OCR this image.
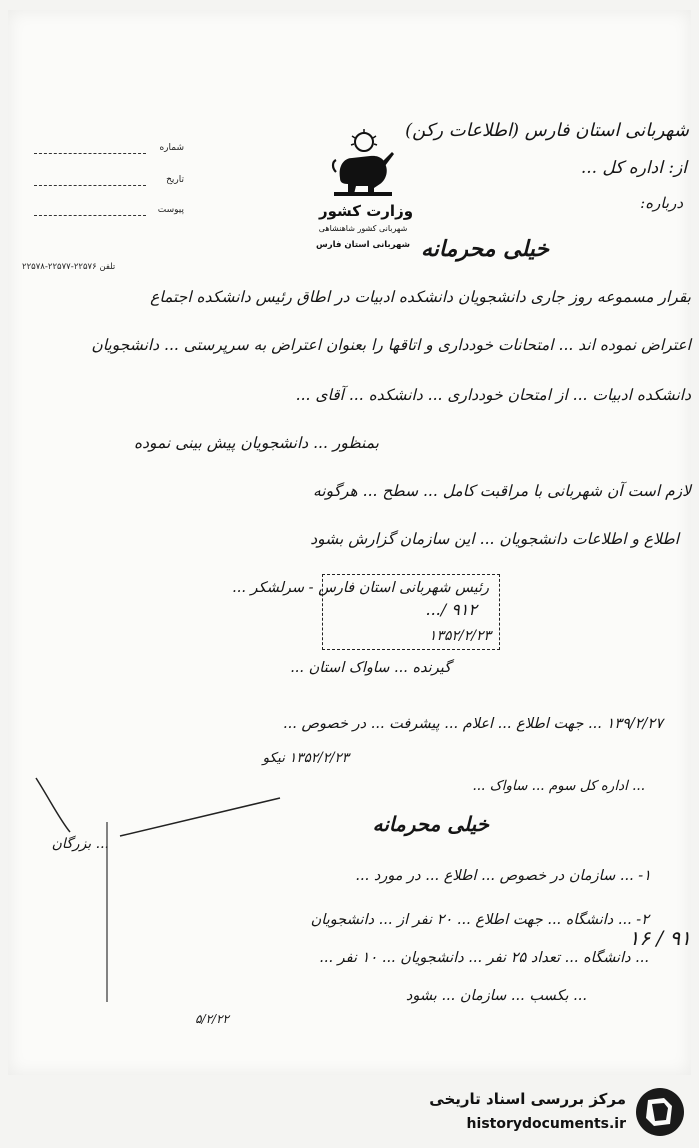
شماره
تاریخ
پیوست
تلفن ۲۲۵۷۶-۲۲۵۷۷-۲۲۵۷۸
وزارت کشور
شهربانی کشور شاهنشاهی
شهربانی استان فارس
شهربانی استان فارس (اطلاعات رکن)
از: اداره کل ...
درباره:
خیلی محرمانه
بقرار مسموعه روز جاری دانشجویان دانشکده ادبیات در اطاق رئیس دانشکده اجتماع
اعتراض نموده اند ... امتحانات خودداری و اتاقها را بعنوان اعتراض به سرپرستی ... دانشجویان
دانشکده ادبیات ... از امتحان خودداری ... دانشکده ... آقای ...
بمنظور ... دانشجویان پیش بینی نموده
لازم است آن شهربانی با مراقبت کامل ... سطح ... هرگونه
اطلاع و اطلاعات دانشجویان ... این سازمان گزارش بشود
رئیس شهربانی استان فارس - سرلشکر ...
۹۱۲ /...
۱۳۵۲/۲/۲۳
گیرنده ... ساواک استان ...
۱۳۹/۲/۲۷ ... جهت اطلاع ... اعلام ... پیشرفت ... در خصوص ...
۱۳۵۲/۲/۲۳ نیکو
... اداره کل سوم ... ساواک ...
خیلی محرمانه
... بزرگان
۱- ... سازمان در خصوص ... اطلاع ... در مورد ...
۲- ... دانشگاه ... جهت اطلاع ... ۲۰ نفر از ... دانشجویان
... دانشگاه ... تعداد ۲۵ نفر ... دانشجویان ... ۱۰ نفر ...
... بکسب ... سازمان ... بشود
۹۱ / ۱۶
۵/۲/۲۲
مرکز بررسی اسناد تاریخی
historydocuments.ir
